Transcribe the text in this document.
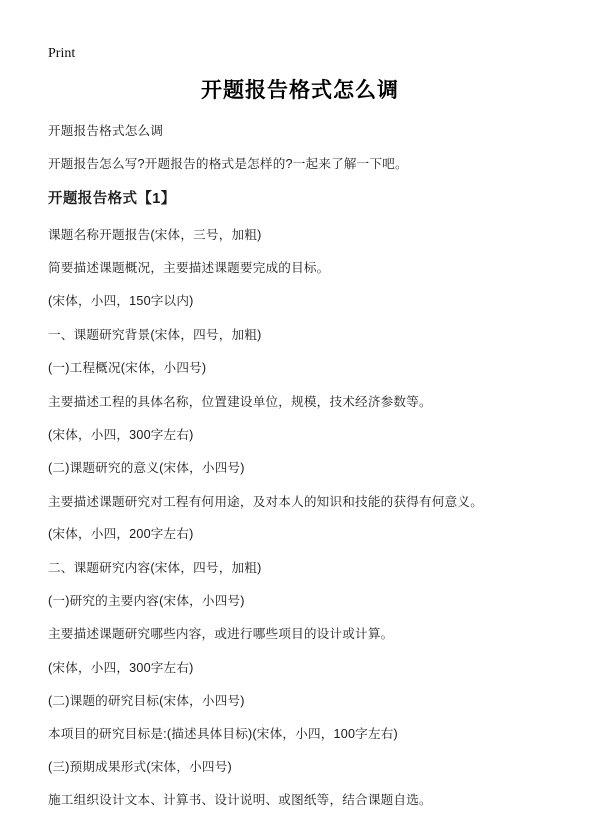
Print
开题报告格式怎么调

开题报告格式怎么调

开题报告怎么写?开题报告的格式是怎样的?一起来了解一下吧。

开题报告格式【1】

课题名称开题报告(宋体，三号，加粗)

简要描述课题概况，主要描述课题要完成的目标。

(宋体，小四，150字以内)

一、课题研究背景(宋体，四号，加粗)

(一)工程概况(宋体，小四号)

主要描述工程的具体名称，位置建设单位，规模，技术经济参数等。

(宋体，小四，300字左右)

(二)课题研究的意义(宋体，小四号)

主要描述课题研究对工程有何用途，及对本人的知识和技能的获得有何意义。

(宋体，小四，200字左右)

二、课题研究内容(宋体，四号，加粗)

(一)研究的主要内容(宋体，小四号)

主要描述课题研究哪些内容，或进行哪些项目的设计或计算。

(宋体，小四，300字左右)

(二)课题的研究目标(宋体，小四号)

本项目的研究目标是:(描述具体目标)(宋体，小四，100字左右)

(三)预期成果形式(宋体，小四号)

施工组织设计文本、计算书、设计说明、或图纸等，结合课题自选。
